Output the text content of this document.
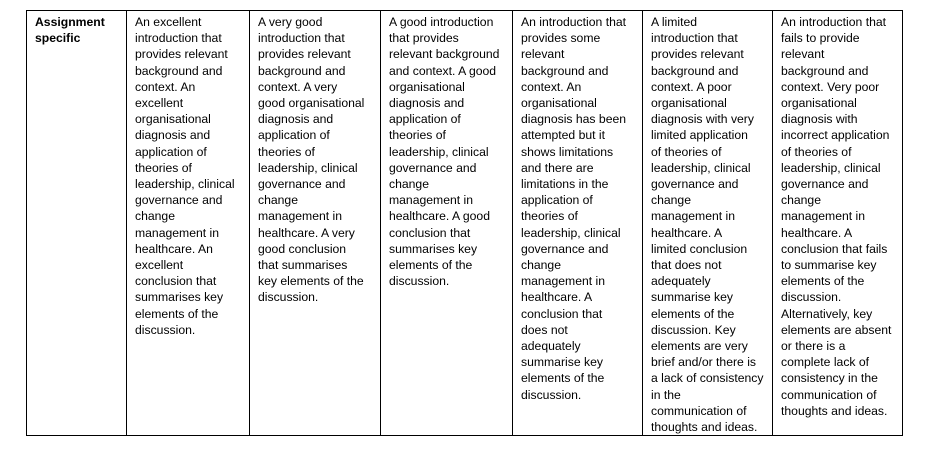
Assignment
specific

An excellent
introduction that
provides relevant
background and
context. An
excellent
organisational
diagnosis and
application of
theories of
leadership, clinical
governance and
change
management in
healthcare. An
excellent
conclusion that
summarises key
elements of the
discussion.

A very good
introduction that
provides relevant
background and
context. A very
good organisational
diagnosis and
application of
theories of
leadership, clinical
governance and
change
management in
healthcare. A very
good conclusion
that summarises
key elements of the
discussion.

A good introduction
that provides
relevant background
and context. A good
organisational
diagnosis and
application of
theories of
leadership, clinical
governance and
change
management in
healthcare. A good
conclusion that
summarises key
elements of the
discussion.

An introduction that
provides some
relevant
background and
context. An
organisational
diagnosis has been
attempted but it
shows limitations
and there are
limitations in the
application of
theories of
leadership, clinical
governance and
change
management in
healthcare. A
conclusion that
does not
adequately
summarise key
elements of the
discussion.

A limited
introduction that
provides relevant
background and
context. A poor
organisational
diagnosis with very
limited application
of theories of
leadership, clinical
governance and
change
management in
healthcare. A
limited conclusion
that does not
adequately
summarise key
elements of the
discussion. Key
elements are very
brief and/or there is
a lack of consistency
in the
communication of
thoughts and ideas.

An introduction that
fails to provide
relevant
background and
context. Very poor
organisational
diagnosis with
incorrect application
of theories of
leadership, clinical
governance and
change
management in
healthcare. A
conclusion that fails
to summarise key
elements of the
discussion.
Alternatively, key
elements are absent
or there is a
complete lack of
consistency in the
communication of
thoughts and ideas.
